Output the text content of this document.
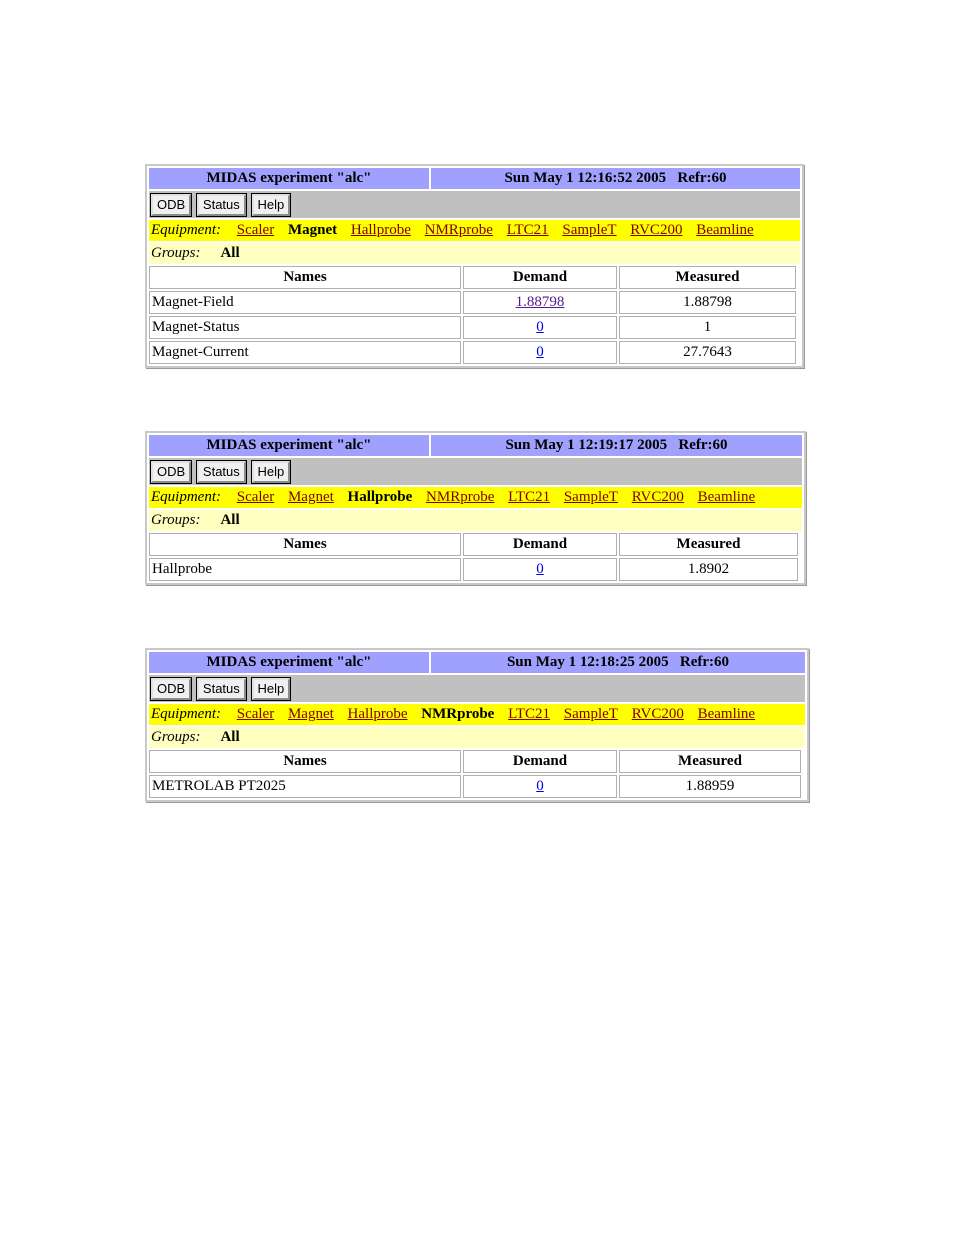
MIDAS experiment "alc"	Sun May 1 12:16:52 2005   Refr:60
ODB Status Help
Equipment: Scaler Magnet Hallprobe NMRprobe LTC21 SampleT RVC200 Beamline
Groups: All

Names	Demand	Measured
Magnet-Field	1.88798	1.88798
Magnet-Status	0	1
Magnet-Current	0	27.7643
MIDAS experiment "alc"	Sun May 1 12:19:17 2005   Refr:60
ODB Status Help
Equipment: Scaler Magnet Hallprobe NMRprobe LTC21 SampleT RVC200 Beamline
Groups: All

Names	Demand	Measured
Hallprobe	0	1.8902
MIDAS experiment "alc"	Sun May 1 12:18:25 2005   Refr:60
ODB Status Help
Equipment: Scaler Magnet Hallprobe NMRprobe LTC21 SampleT RVC200 Beamline
Groups: All

Names	Demand	Measured
METROLAB PT2025	0	1.88959
